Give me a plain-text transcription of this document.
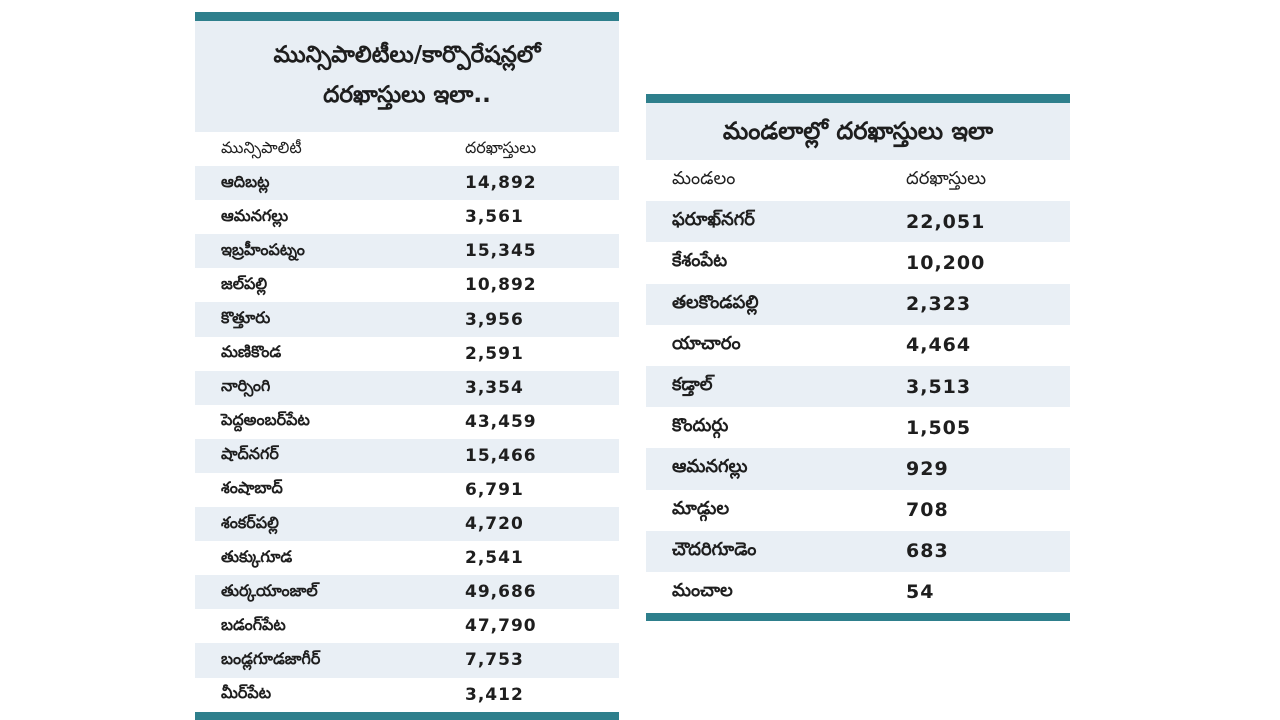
మున్సిపాలిటీలు/కార్పొరేషన్లలో
దరఖాస్తులు ఇలా..
మున్సిపాలిటీ	దరఖాస్తులు
ఆదిబట్ల	14,892
ఆమనగల్లు	3,561
ఇబ్రహీంపట్నం	15,345
జల్‌పల్లి	10,892
కొత్తూరు	3,956
మణికొండ	2,591
నార్సింగి	3,354
పెద్దఅంబర్‌పేట	43,459
షాద్‌నగర్	15,466
శంషాబాద్	6,791
శంకర్‌పల్లి	4,720
తుక్కుగూడ	2,541
తుర్కయాంజాల్	49,686
బడంగ్‌పేట	47,790
బండ్లగూడజాగీర్	7,753
మీర్‌పేట	3,412
మండలాల్లో దరఖాస్తులు ఇలా
మండలం	దరఖాస్తులు
ఫరూఖ్‌నగర్	22,051
కేశంపేట	10,200
తలకొండపల్లి	2,323
యాచారం	4,464
కడ్తాల్	3,513
కొందుర్గు	1,505
ఆమనగల్లు	929
మాడ్గుల	708
చౌదరిగూడెం	683
మంచాల	54
